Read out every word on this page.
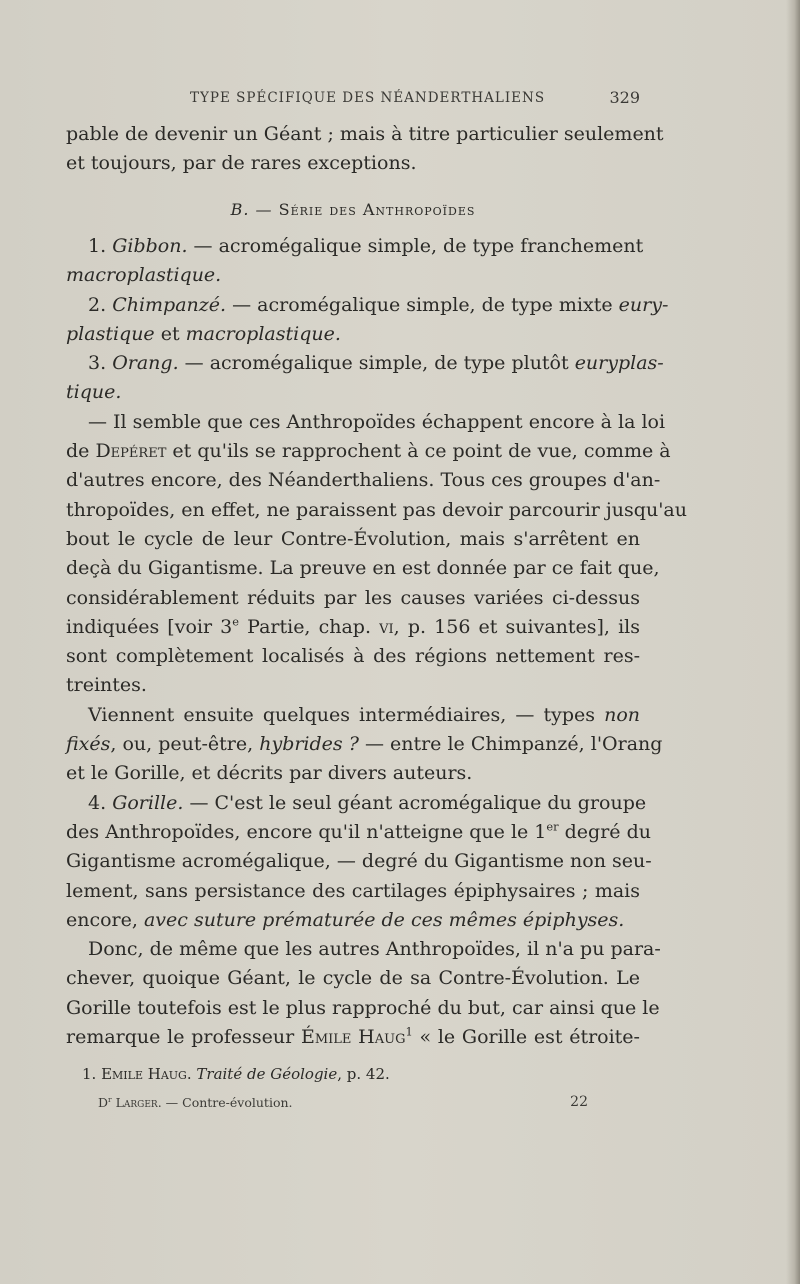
TYPE SPÉCIFIQUE DES NÉANDERTHALIENS	329
pable de devenir un Géant ; mais à titre particulier seulement
et toujours, par de rares exceptions.
B. — Série des Anthropoïdes
1. Gibbon. — acromégalique simple, de type franchement
macroplastique.
2. Chimpanzé. — acromégalique simple, de type mixte eury-
plastique et macroplastique.
3. Orang. — acromégalique simple, de type plutôt euryplas-
tique.
— Il semble que ces Anthropoïdes échappent encore à la loi
de Depéret et qu'ils se rapprochent à ce point de vue, comme à
d'autres encore, des Néanderthaliens. Tous ces groupes d'an-
thropoïdes, en effet, ne paraissent pas devoir parcourir jusqu'au
bout le cycle de leur Contre-Évolution, mais s'arrêtent en
deçà du Gigantisme. La preuve en est donnée par ce fait que,
considérablement réduits par les causes variées ci-dessus
indiquées [voir 3e Partie, chap. vi, p. 156 et suivantes], ils
sont complètement localisés à des régions nettement res-
treintes.
Viennent ensuite quelques intermédiaires, — types non
fixés, ou, peut-être, hybrides ? — entre le Chimpanzé, l'Orang
et le Gorille, et décrits par divers auteurs.
4. Gorille. — C'est le seul géant acromégalique du groupe
des Anthropoïdes, encore qu'il n'atteigne que le 1er degré du
Gigantisme acromégalique, — degré du Gigantisme non seu-
lement, sans persistance des cartilages épiphysaires ; mais
encore, avec suture prématurée de ces mêmes épiphyses.
Donc, de même que les autres Anthropoïdes, il n'a pu para-
chever, quoique Géant, le cycle de sa Contre-Évolution. Le
Gorille toutefois est le plus rapproché du but, car ainsi que le
remarque le professeur Émile Haug$^1$ « le Gorille est étroite-
1. Emile Haug. Traité de Géologie, p. 42.
$D^r$ Larger. — Contre-évolution.	22
